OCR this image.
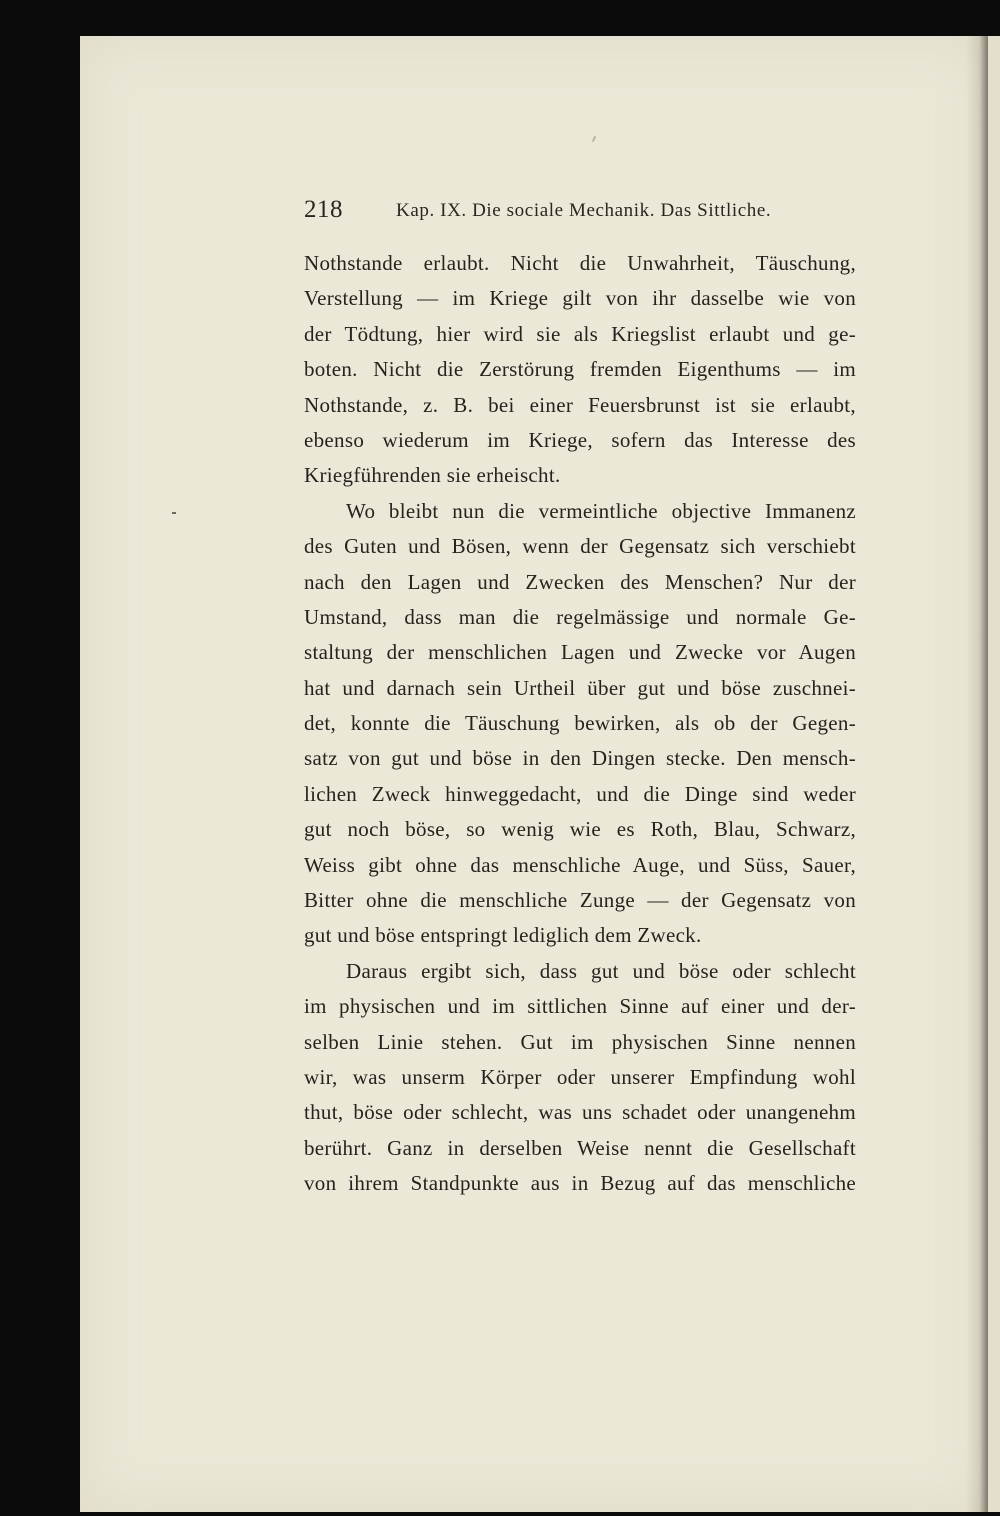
218	Kap. IX. Die sociale Mechanik. Das Sittliche.
Nothstande erlaubt. Nicht die Unwahrheit, Täuschung,
Verstellung — im Kriege gilt von ihr dasselbe wie von
der Tödtung, hier wird sie als Kriegslist erlaubt und ge-
boten. Nicht die Zerstörung fremden Eigenthums — im
Nothstande, z. B. bei einer Feuersbrunst ist sie erlaubt,
ebenso wiederum im Kriege, sofern das Interesse des
Kriegführenden sie erheischt.
Wo bleibt nun die vermeintliche objective Immanenz
des Guten und Bösen, wenn der Gegensatz sich verschiebt
nach den Lagen und Zwecken des Menschen? Nur der
Umstand, dass man die regelmässige und normale Ge-
staltung der menschlichen Lagen und Zwecke vor Augen
hat und darnach sein Urtheil über gut und böse zuschnei-
det, konnte die Täuschung bewirken, als ob der Gegen-
satz von gut und böse in den Dingen stecke. Den mensch-
lichen Zweck hinweggedacht, und die Dinge sind weder
gut noch böse, so wenig wie es Roth, Blau, Schwarz,
Weiss gibt ohne das menschliche Auge, und Süss, Sauer,
Bitter ohne die menschliche Zunge — der Gegensatz von
gut und böse entspringt lediglich dem Zweck.
Daraus ergibt sich, dass gut und böse oder schlecht
im physischen und im sittlichen Sinne auf einer und der-
selben Linie stehen. Gut im physischen Sinne nennen
wir, was unserm Körper oder unserer Empfindung wohl
thut, böse oder schlecht, was uns schadet oder unangenehm
berührt. Ganz in derselben Weise nennt die Gesellschaft
von ihrem Standpunkte aus in Bezug auf das menschliche
